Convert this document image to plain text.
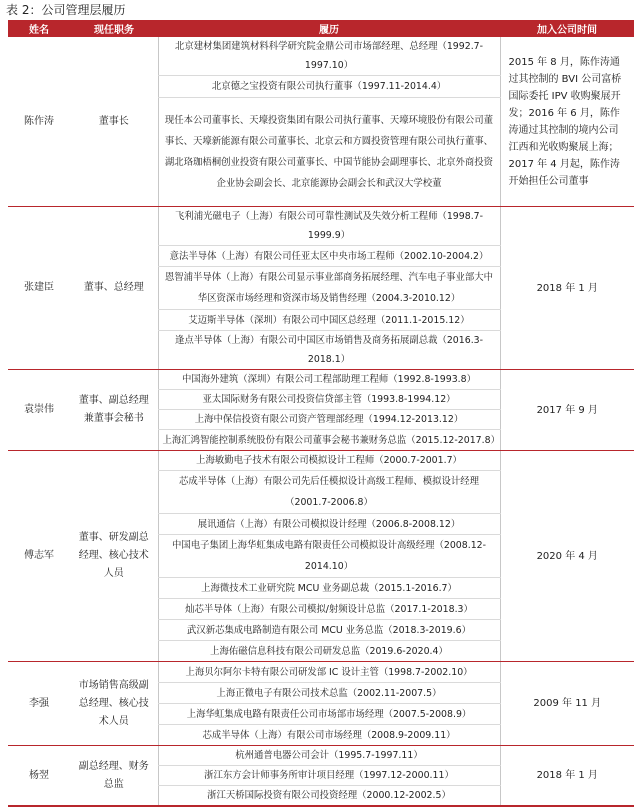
表 2：公司管理层履历
姓名	现任职务	履历	加入公司时间
陈作涛	董事长	北京建材集团建筑材料科学研究院金鼎公司市场部经理、总经理（1992.7-1997.10）	2015 年 8 月，陈作涛通过其控制的 BVI 公司富桥国际委托 IPV 收购聚展开发；2016 年 6 月，陈作涛通过其控制的境内公司江西和光收购聚展上海；2017 年 4 月起，陈作涛开始担任公司董事
		北京德之宝投资有限公司执行董事（1997.11-2014.4）	
		现任本公司董事长、天壕投资集团有限公司执行董事、天壕环境股份有限公司董事长、天壕新能源有限公司董事长、北京云和方圆投资管理有限公司执行董事、湖北珞珈梧桐创业投资有限公司董事长、中国节能协会副理事长、北京外商投资企业协会副会长、北京能源协会副会长和武汉大学校董	
张建臣	董事、总经理	飞利浦光磁电子（上海）有限公司可靠性测试及失效分析工程师（1998.7-1999.9）	2018 年 1 月
		意法半导体（上海）有限公司任亚太区中央市场工程师（2002.10-2004.2）	
		恩智浦半导体（上海）有限公司显示事业部商务拓展经理、汽车电子事业部大中华区资深市场经理和资深市场及销售经理（2004.3-2010.12）	
		艾迈斯半导体（深圳）有限公司中国区总经理（2011.1-2015.12）	
		逢点半导体（上海）有限公司中国区市场销售及商务拓展副总裁（2016.3-2018.1）	
袁崇伟	董事、副总经理兼董事会秘书	中国海外建筑（深圳）有限公司工程部助理工程师（1992.8-1993.8）	2017 年 9 月
		亚太国际财务有限公司投资信贷部主管（1993.8-1994.12）	
		上海中保信投资有限公司资产管理部经理（1994.12-2013.12）	
		上海汇鸿智能控制系统股份有限公司董事会秘书兼财务总监（2015.12-2017.8）	
傅志军	董事、研发副总经理、核心技术人员	上海敏勤电子技术有限公司模拟设计工程师（2000.7-2001.7）	2020 年 4 月
		芯成半导体（上海）有限公司先后任模拟设计高级工程师、模拟设计经理（2001.7-2006.8）	
		展讯通信（上海）有限公司模拟设计经理（2006.8-2008.12）	
		中国电子集团上海华虹集成电路有限责任公司模拟设计高级经理（2008.12-2014.10）	
		上海微技术工业研究院 MCU 业务副总裁（2015.1-2016.7）	
		灿芯半导体（上海）有限公司模拟/射频设计总监（2017.1-2018.3）	
		武汉新芯集成电路制造有限公司 MCU 业务总监（2018.3-2019.6）	
		上海佑磁信息科技有限公司研发总监（2019.6-2020.4）	
李强	市场销售高级副总经理、核心技术人员	上海贝尔阿尔卡特有限公司研发部 IC 设计主管（1998.7-2002.10）	2009 年 11 月
		上海正微电子有限公司技术总监（2002.11-2007.5）	
		上海华虹集成电路有限责任公司市场部市场经理（2007.5-2008.9）	
		芯成半导体（上海）有限公司市场经理（2008.9-2009.11）	
杨翌	副总经理、财务总监	杭州通普电器公司会计（1995.7-1997.11）	2018 年 1 月
		浙江东方会计师事务所审计项目经理（1997.12-2000.11）	
		浙江天桥国际投资有限公司投资经理（2000.12-2002.5）	
